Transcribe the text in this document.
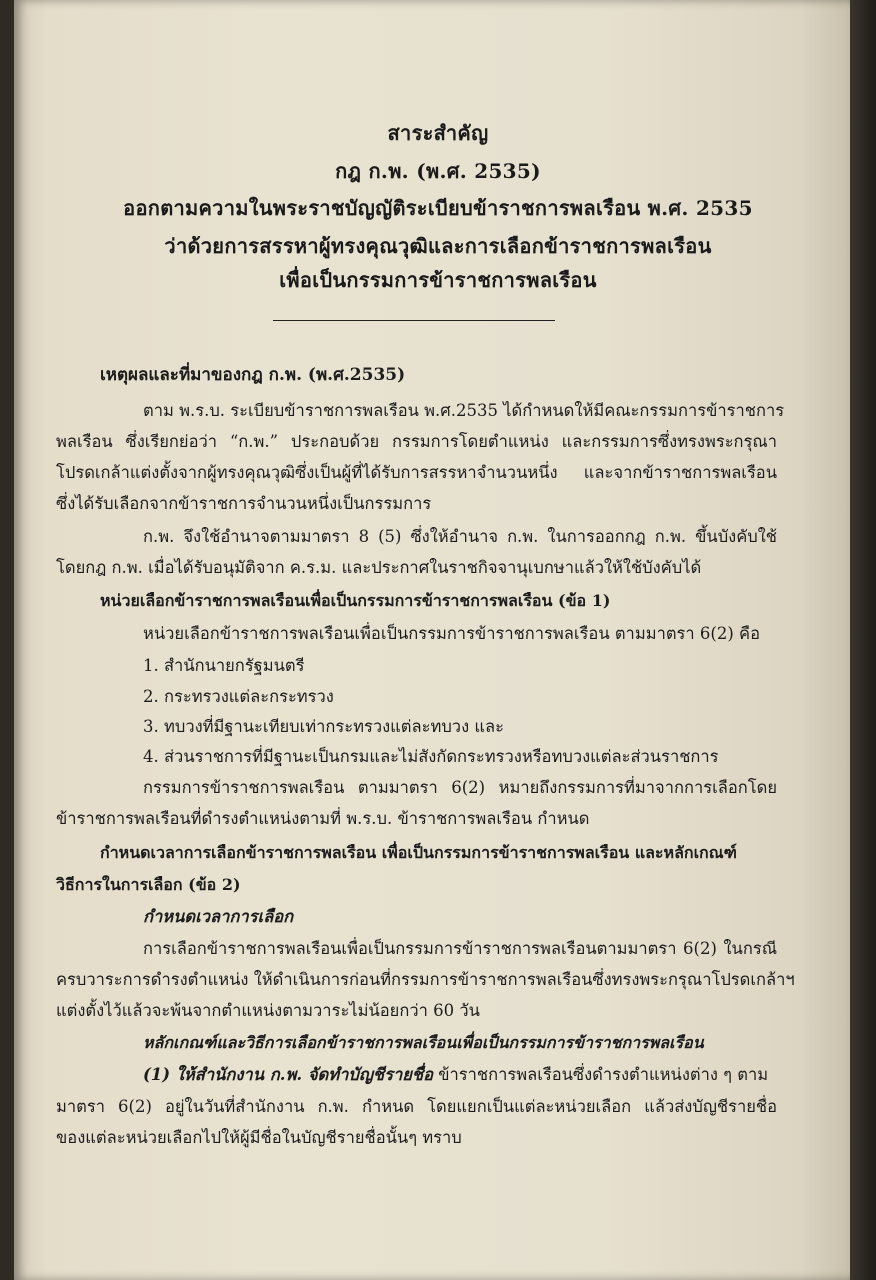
สาระสำคัญ
กฎ ก.พ. (พ.ศ. 2535)
ออกตามความในพระราชบัญญัติระเบียบข้าราชการพลเรือน พ.ศ. 2535
ว่าด้วยการสรรหาผู้ทรงคุณวุฒิและการเลือกข้าราชการพลเรือน
เพื่อเป็นกรรมการข้าราชการพลเรือน
เหตุผลและที่มาของกฎ ก.พ. (พ.ศ.2535)
ตาม พ.ร.บ. ระเบียบข้าราชการพลเรือน พ.ศ.2535 ได้กำหนดให้มีคณะกรรมการข้าราชการ
พลเรือน ซึ่งเรียกย่อว่า “ก.พ.” ประกอบด้วย กรรมการโดยตำแหน่ง และกรรมการซึ่งทรงพระกรุณา
โปรดเกล้าแต่งตั้งจากผู้ทรงคุณวุฒิซึ่งเป็นผู้ที่ได้รับการสรรหาจำนวนหนึ่ง และจากข้าราชการพลเรือน
ซึ่งได้รับเลือกจากข้าราชการจำนวนหนึ่งเป็นกรรมการ
ก.พ. จึงใช้อำนาจตามมาตรา 8 (5) ซึ่งให้อำนาจ ก.พ. ในการออกกฎ ก.พ. ขึ้นบังคับใช้
โดยกฎ ก.พ. เมื่อได้รับอนุมัติจาก ค.ร.ม. และประกาศในราชกิจจานุเบกษาแล้วให้ใช้บังคับได้
หน่วยเลือกข้าราชการพลเรือนเพื่อเป็นกรรมการข้าราชการพลเรือน (ข้อ 1)
หน่วยเลือกข้าราชการพลเรือนเพื่อเป็นกรรมการข้าราชการพลเรือน ตามมาตรา 6(2) คือ
1. สำนักนายกรัฐมนตรี
2. กระทรวงแต่ละกระทรวง
3. ทบวงที่มีฐานะเทียบเท่ากระทรวงแต่ละทบวง และ
4. ส่วนราชการที่มีฐานะเป็นกรมและไม่สังกัดกระทรวงหรือทบวงแต่ละส่วนราชการ
กรรมการข้าราชการพลเรือน ตามมาตรา 6(2) หมายถึงกรรมการที่มาจากการเลือกโดย
ข้าราชการพลเรือนที่ดำรงตำแหน่งตามที่ พ.ร.บ. ข้าราชการพลเรือน กำหนด
กำหนดเวลาการเลือกข้าราชการพลเรือน เพื่อเป็นกรรมการข้าราชการพลเรือน และหลักเกณฑ์
วิธีการในการเลือก (ข้อ 2)
กำหนดเวลาการเลือก
การเลือกข้าราชการพลเรือนเพื่อเป็นกรรมการข้าราชการพลเรือนตามมาตรา 6(2) ในกรณี
ครบวาระการดำรงตำแหน่ง ให้ดำเนินการก่อนที่กรรมการข้าราชการพลเรือนซึ่งทรงพระกรุณาโปรดเกล้าฯ
แต่งตั้งไว้แล้วจะพ้นจากตำแหน่งตามวาระไม่น้อยกว่า 60 วัน
หลักเกณฑ์และวิธีการเลือกข้าราชการพลเรือนเพื่อเป็นกรรมการข้าราชการพลเรือน
(1) ให้สำนักงาน ก.พ. จัดทำบัญชีรายชื่อ ข้าราชการพลเรือนซึ่งดำรงตำแหน่งต่าง ๆ ตาม
มาตรา 6(2) อยู่ในวันที่สำนักงาน ก.พ. กำหนด โดยแยกเป็นแต่ละหน่วยเลือก แล้วส่งบัญชีรายชื่อ
ของแต่ละหน่วยเลือกไปให้ผู้มีชื่อในบัญชีรายชื่อนั้นๆ ทราบ
